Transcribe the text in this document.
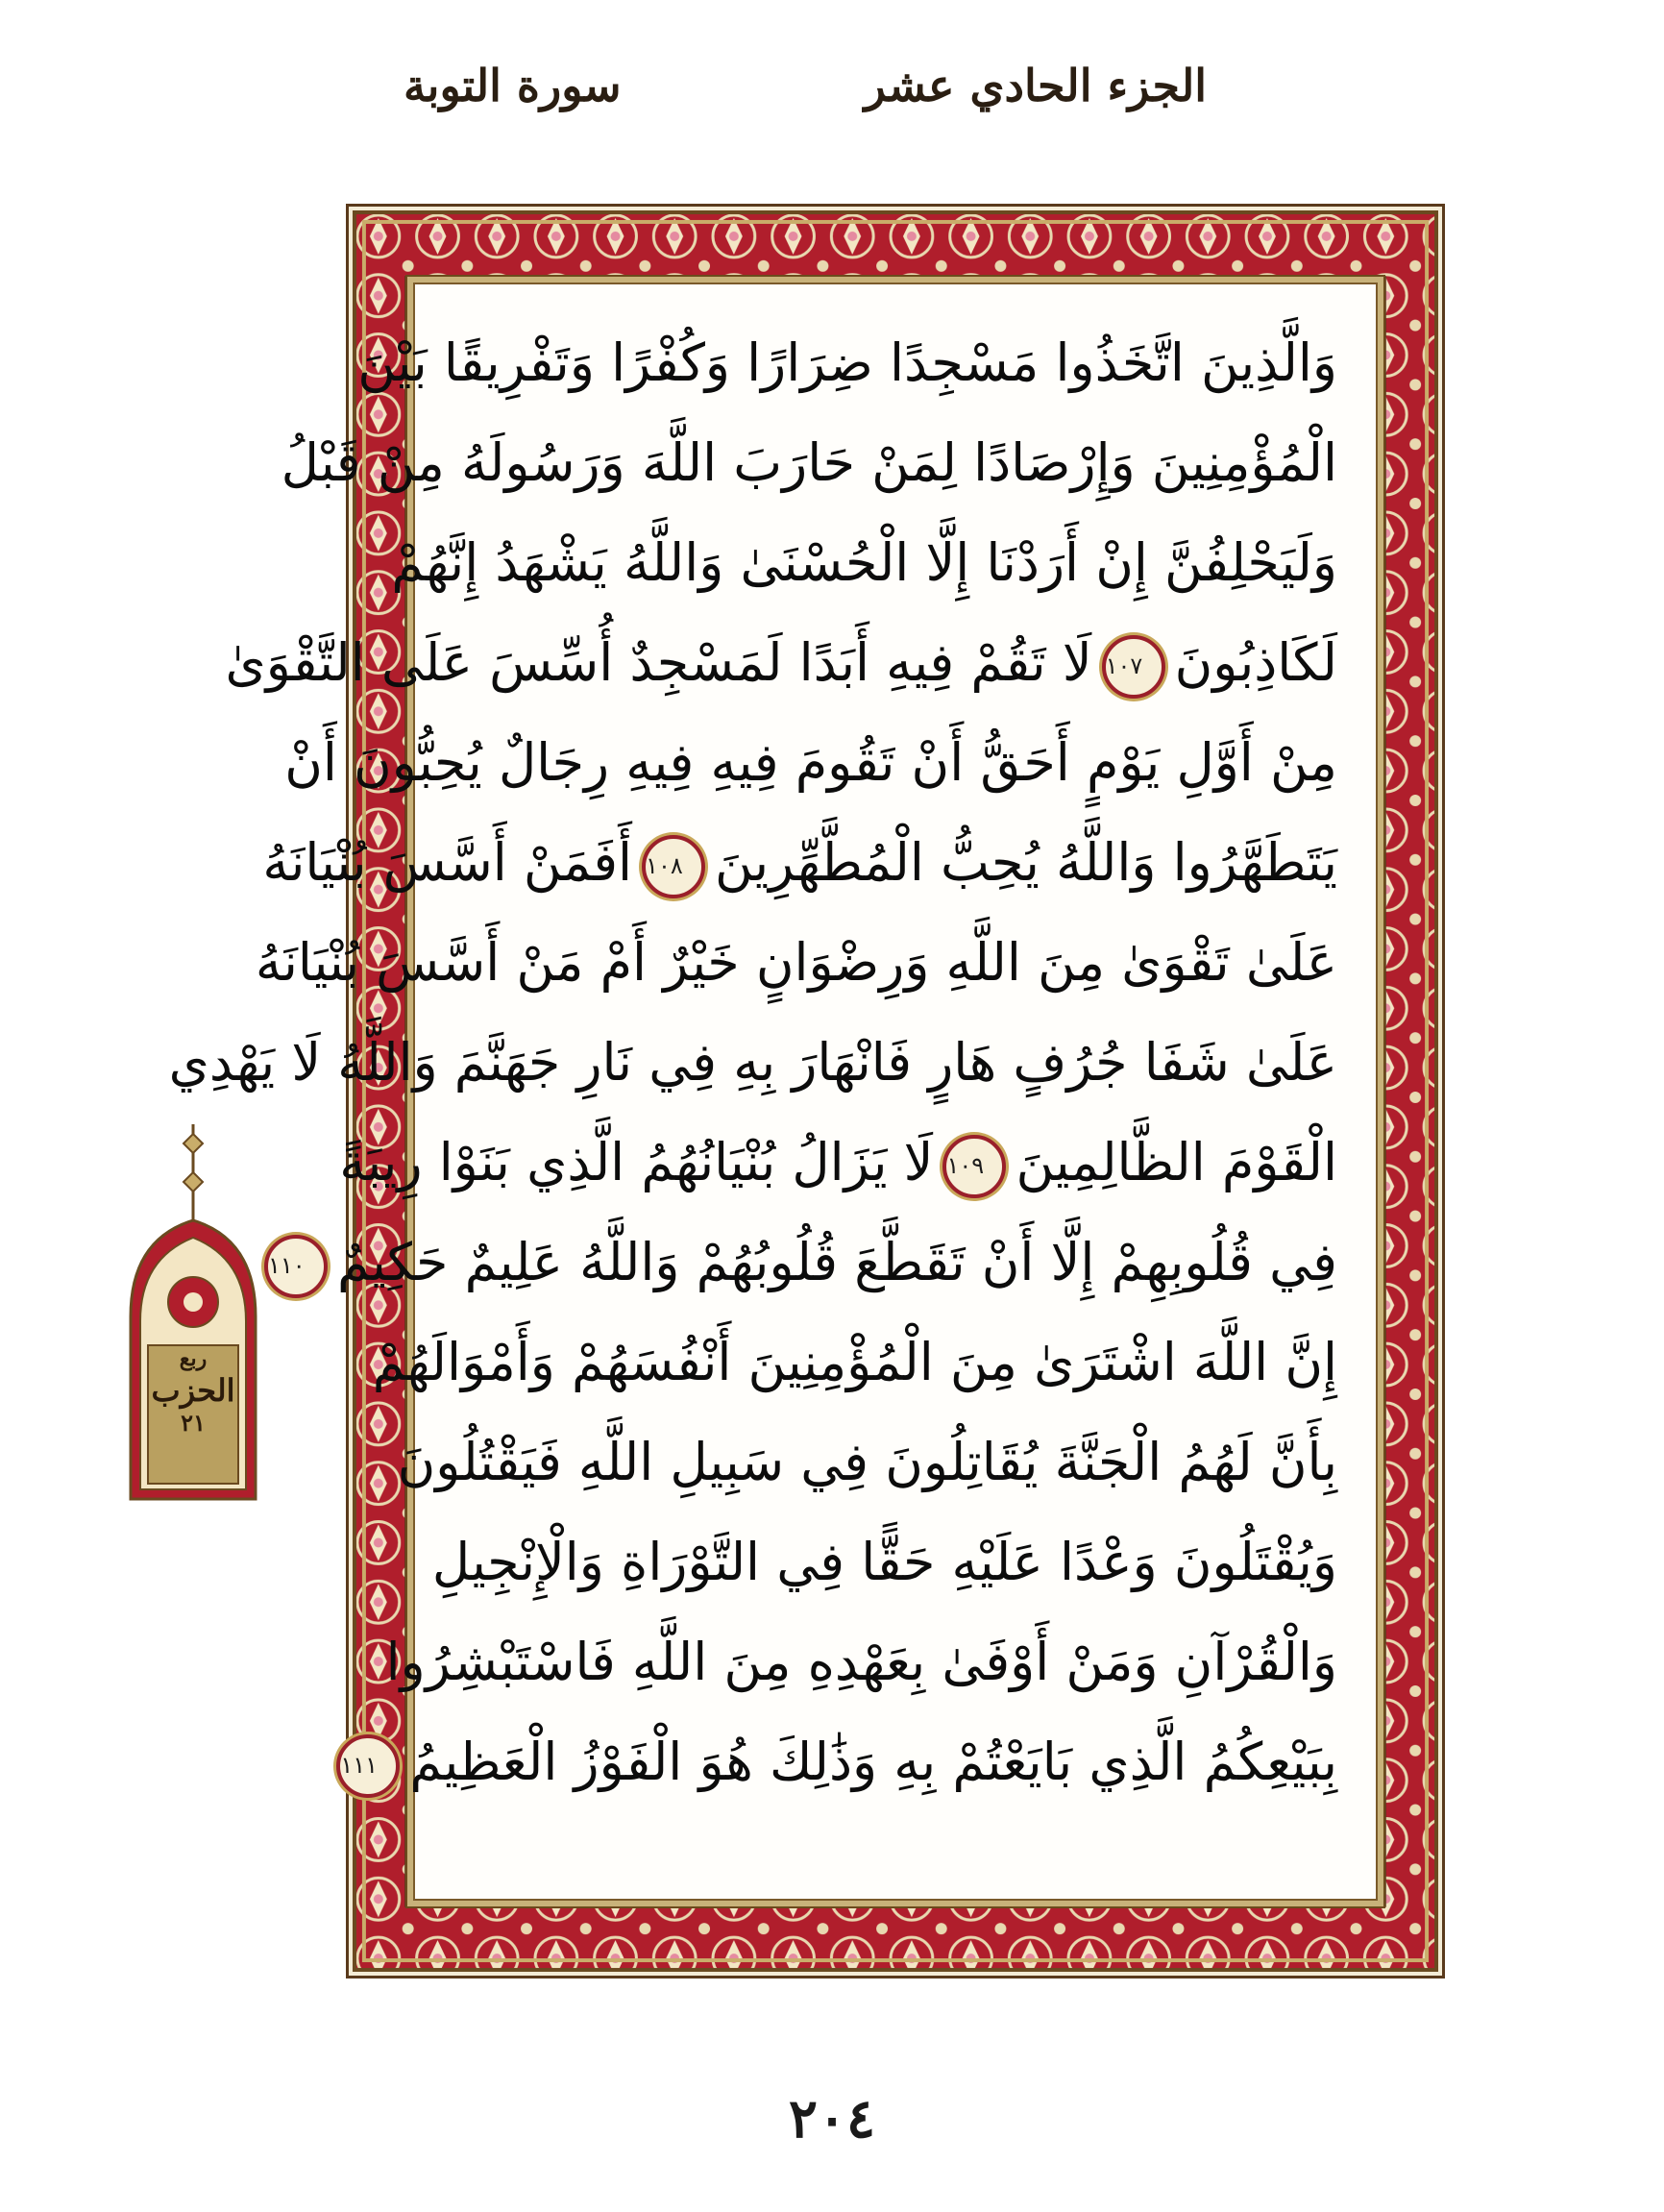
الجزء الحادي عشر
سورة التوبة
وَالَّذِينَ اتَّخَذُوا مَسْجِدًا ضِرَارًا وَكُفْرًا وَتَفْرِيقًا بَيْنَ
الْمُؤْمِنِينَ وَإِرْصَادًا لِمَنْ حَارَبَ اللَّهَ وَرَسُولَهُ مِنْ قَبْلُ
وَلَيَحْلِفُنَّ إِنْ أَرَدْنَا إِلَّا الْحُسْنَىٰ وَاللَّهُ يَشْهَدُ إِنَّهُمْ
لَكَاذِبُونَ١٠٧لَا تَقُمْ فِيهِ أَبَدًا لَمَسْجِدٌ أُسِّسَ عَلَى التَّقْوَىٰ
مِنْ أَوَّلِ يَوْمٍ أَحَقُّ أَنْ تَقُومَ فِيهِ فِيهِ رِجَالٌ يُحِبُّونَ أَنْ
يَتَطَهَّرُوا وَاللَّهُ يُحِبُّ الْمُطَّهِّرِينَ١٠٨أَفَمَنْ أَسَّسَ بُنْيَانَهُ
عَلَىٰ تَقْوَىٰ مِنَ اللَّهِ وَرِضْوَانٍ خَيْرٌ أَمْ مَنْ أَسَّسَ بُنْيَانَهُ
عَلَىٰ شَفَا جُرُفٍ هَارٍ فَانْهَارَ بِهِ فِي نَارِ جَهَنَّمَ وَاللَّهُ لَا يَهْدِي
الْقَوْمَ الظَّالِمِينَ١٠٩لَا يَزَالُ بُنْيَانُهُمُ الَّذِي بَنَوْا رِيبَةً
فِي قُلُوبِهِمْ إِلَّا أَنْ تَقَطَّعَ قُلُوبُهُمْ وَاللَّهُ عَلِيمٌ حَكِيمٌ١١٠
إِنَّ اللَّهَ اشْتَرَىٰ مِنَ الْمُؤْمِنِينَ أَنْفُسَهُمْ وَأَمْوَالَهُمْ
بِأَنَّ لَهُمُ الْجَنَّةَ يُقَاتِلُونَ فِي سَبِيلِ اللَّهِ فَيَقْتُلُونَ
وَيُقْتَلُونَ وَعْدًا عَلَيْهِ حَقًّا فِي التَّوْرَاةِ وَالْإِنْجِيلِ
وَالْقُرْآنِ وَمَنْ أَوْفَىٰ بِعَهْدِهِ مِنَ اللَّهِ فَاسْتَبْشِرُوا
بِبَيْعِكُمُ الَّذِي بَايَعْتُمْ بِهِ وَذَٰلِكَ هُوَ الْفَوْزُ الْعَظِيمُ١١١
ربع
الحزب
٢١
٢٠٤
